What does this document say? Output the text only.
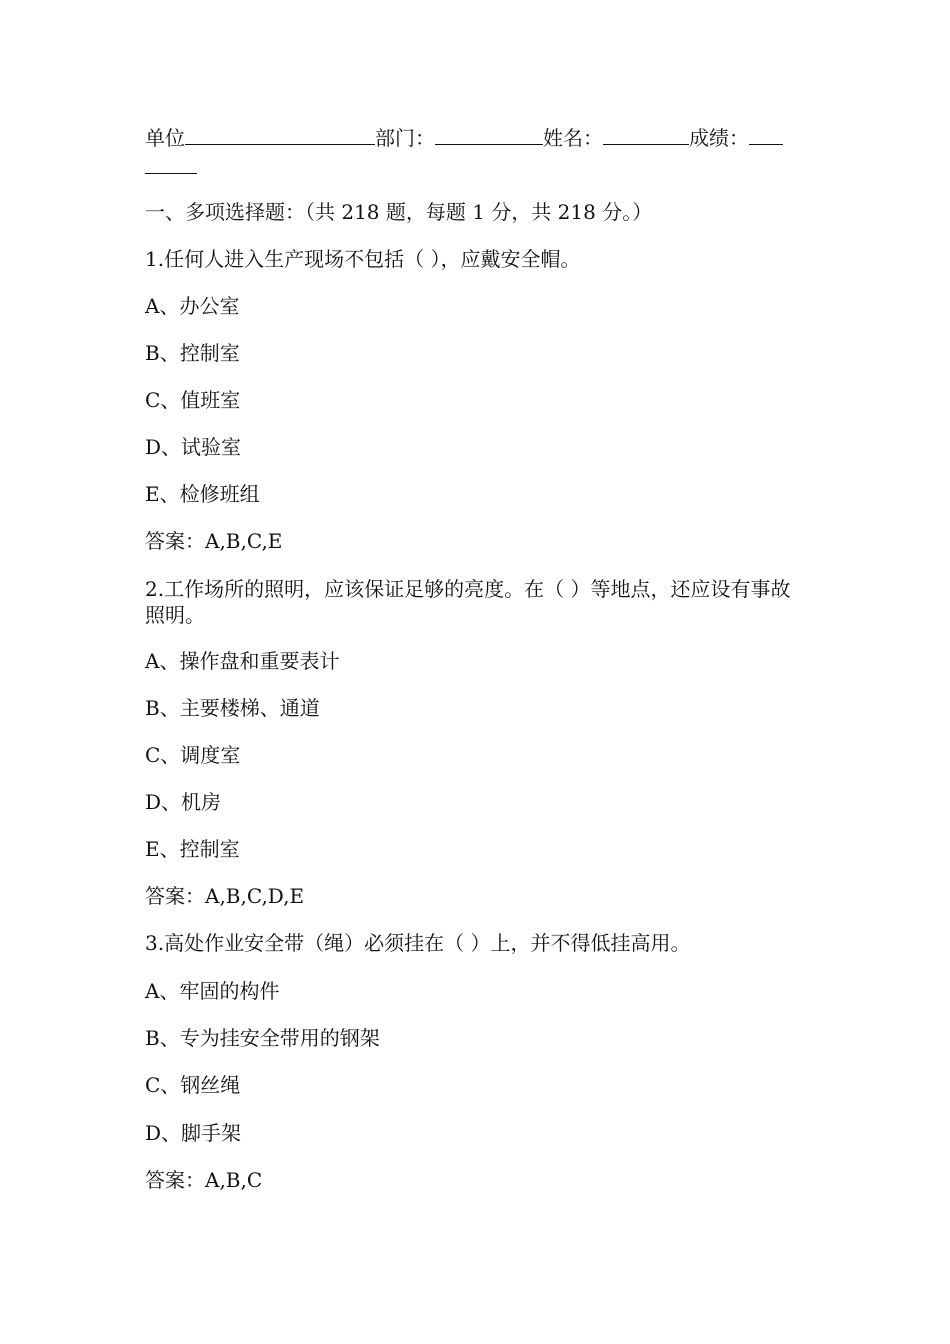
单位	部门：	姓名：	成绩：
一、多项选择题：（共 218 题，每题 1 分，共 218 分。）
1.任何人进入生产现场不包括（ ），应戴安全帽。
A、办公室
B、控制室
C、值班室
D、试验室
E、检修班组
答案：A,B,C,E
2.工作场所的照明，应该保证足够的亮度。在（ ）等地点，还应设有事故照明。
A、操作盘和重要表计
B、主要楼梯、通道
C、调度室
D、机房
E、控制室
答案：A,B,C,D,E
3.高处作业安全带（绳）必须挂在（ ）上，并不得低挂高用。
A、牢固的构件
B、专为挂安全带用的钢架
C、钢丝绳
D、脚手架
答案：A,B,C
